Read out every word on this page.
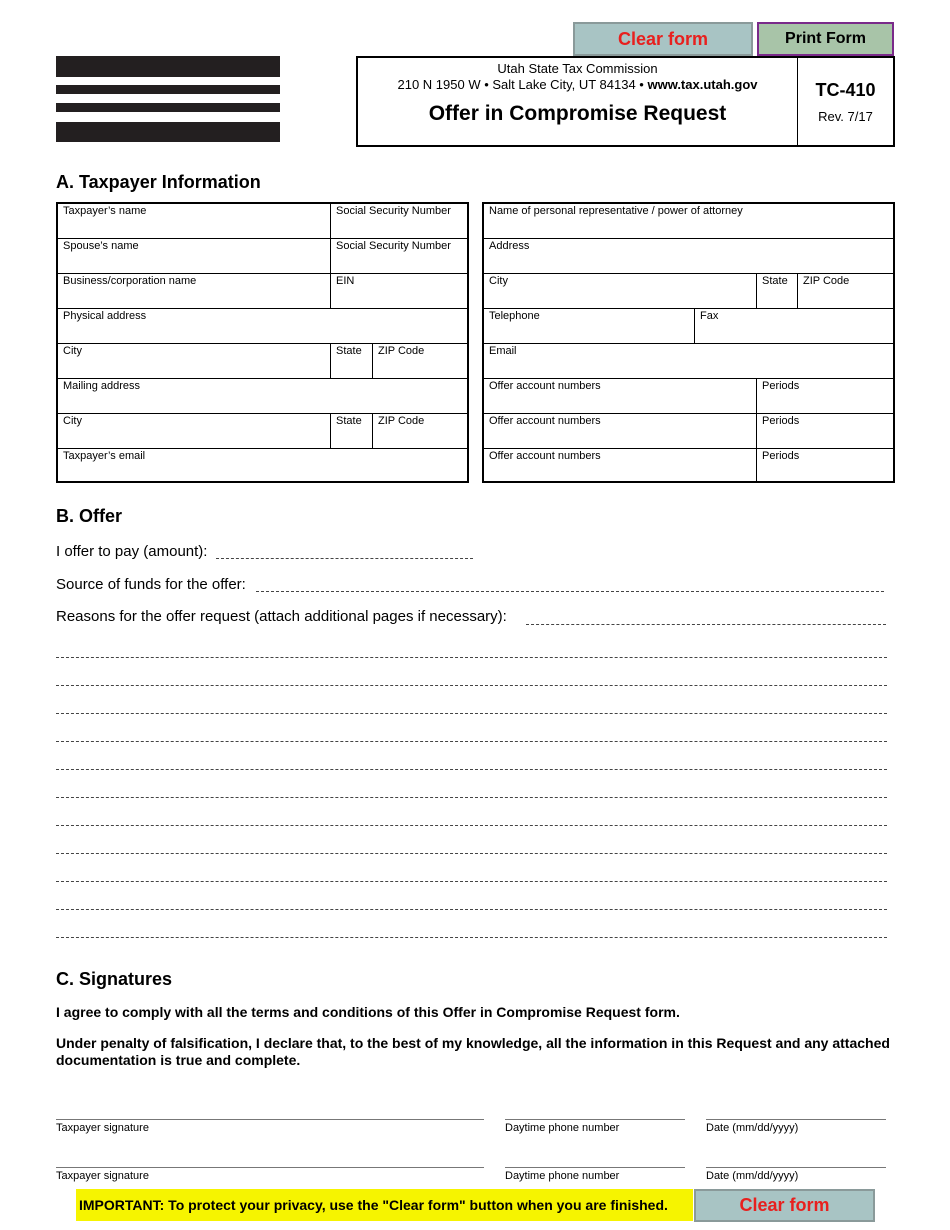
Clear form	Print Form
Utah State Tax Commission
210 N 1950 W • Salt Lake City, UT 84134 • www.tax.utah.gov
Offer in Compromise Request
TC-410
Rev. 7/17
A. Taxpayer Information
Taxpayer’s name	Social Security Number
Spouse’s name	Social Security Number
Business/corporation name	EIN
Physical address
City	State	ZIP Code
Mailing address
City	State	ZIP Code
Taxpayer’s email
Name of personal representative / power of attorney
Address
City	State	ZIP Code
Telephone	Fax
Email
Offer account numbers	Periods
Offer account numbers	Periods
Offer account numbers	Periods
B. Offer
I offer to pay (amount):
Source of funds for the offer:
Reasons for the offer request (attach additional pages if necessary):
C. Signatures
I agree to comply with all the terms and conditions of this Offer in Compromise Request form.
Under penalty of falsification, I declare that, to the best of my knowledge, all the information in this Request and any attached documentation is true and complete.
Taxpayer signature	Daytime phone number	Date (mm/dd/yyyy)
Taxpayer signature	Daytime phone number	Date (mm/dd/yyyy)
IMPORTANT: To protect your privacy, use the "Clear form" button when you are finished.	Clear form
